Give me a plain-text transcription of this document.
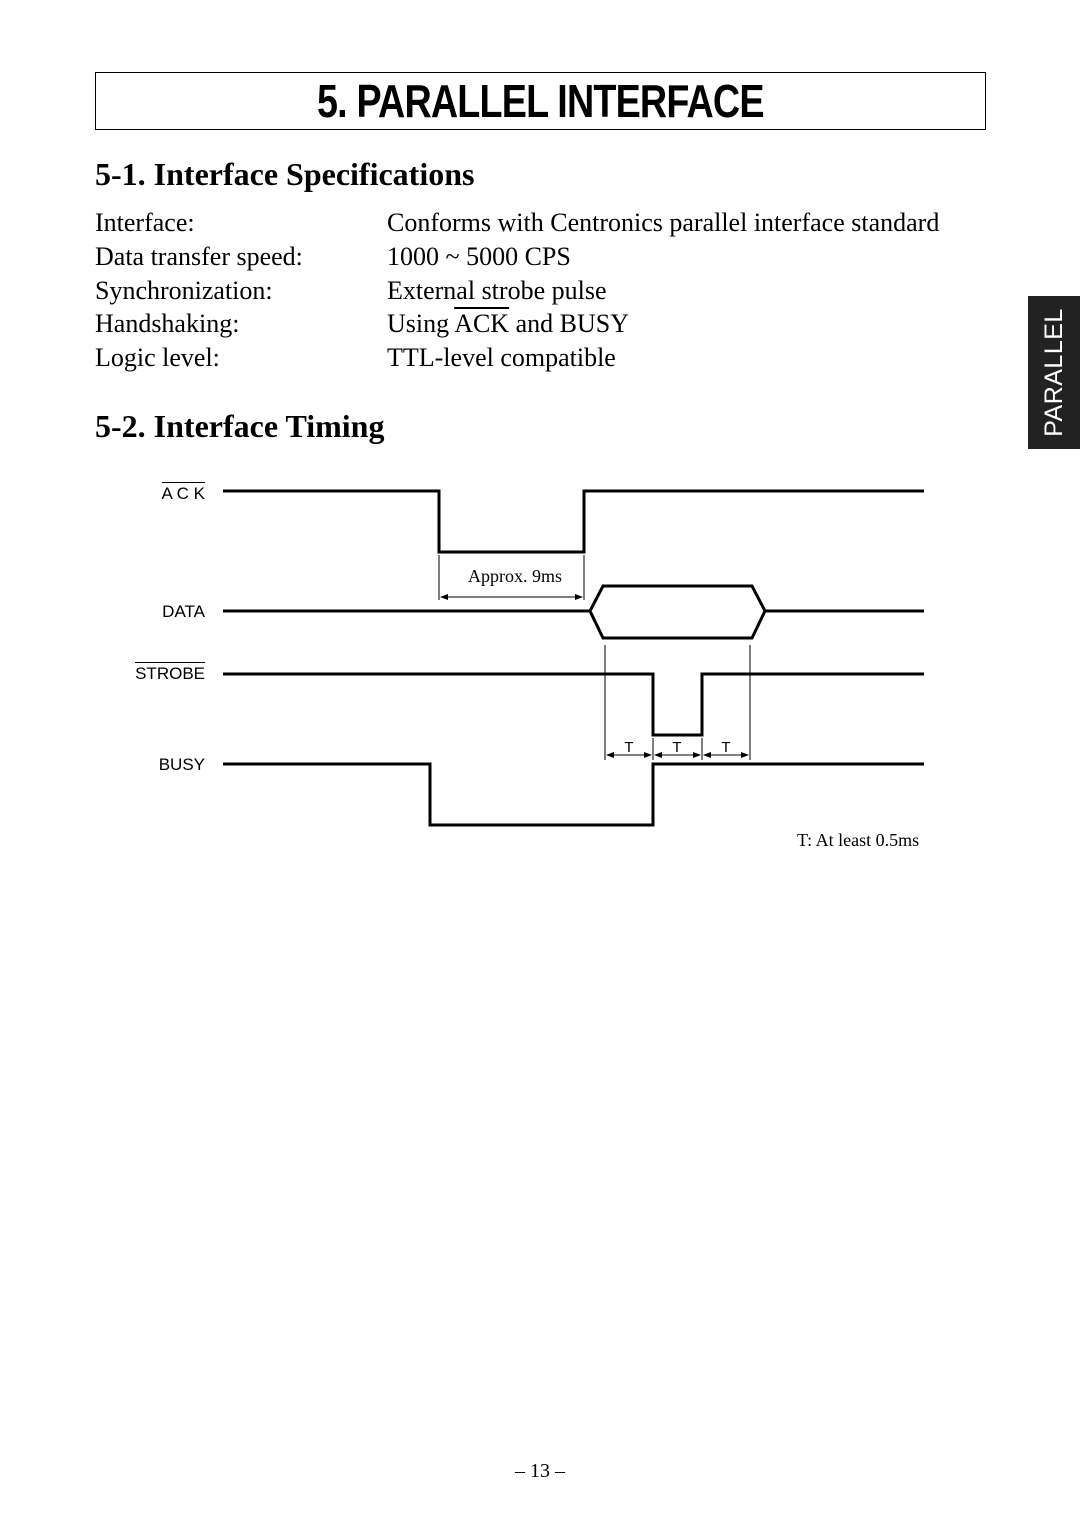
5. PARALLEL INTERFACE
5-1. Interface Specifications
Interface:	Conforms with Centronics parallel interface standard
Data transfer speed:	1000 ~ 5000 CPS
Synchronization:	External strobe pulse
Handshaking:	Using $\overline{ACK}$ and BUSY
Logic level:	TTL-level compatible
5-2. Interface Timing	PARALLEL
A C K
DATA
STROBE
BUSY
T	T	T
Approx. 9ms
T: At least 0.5ms
– 13 –
